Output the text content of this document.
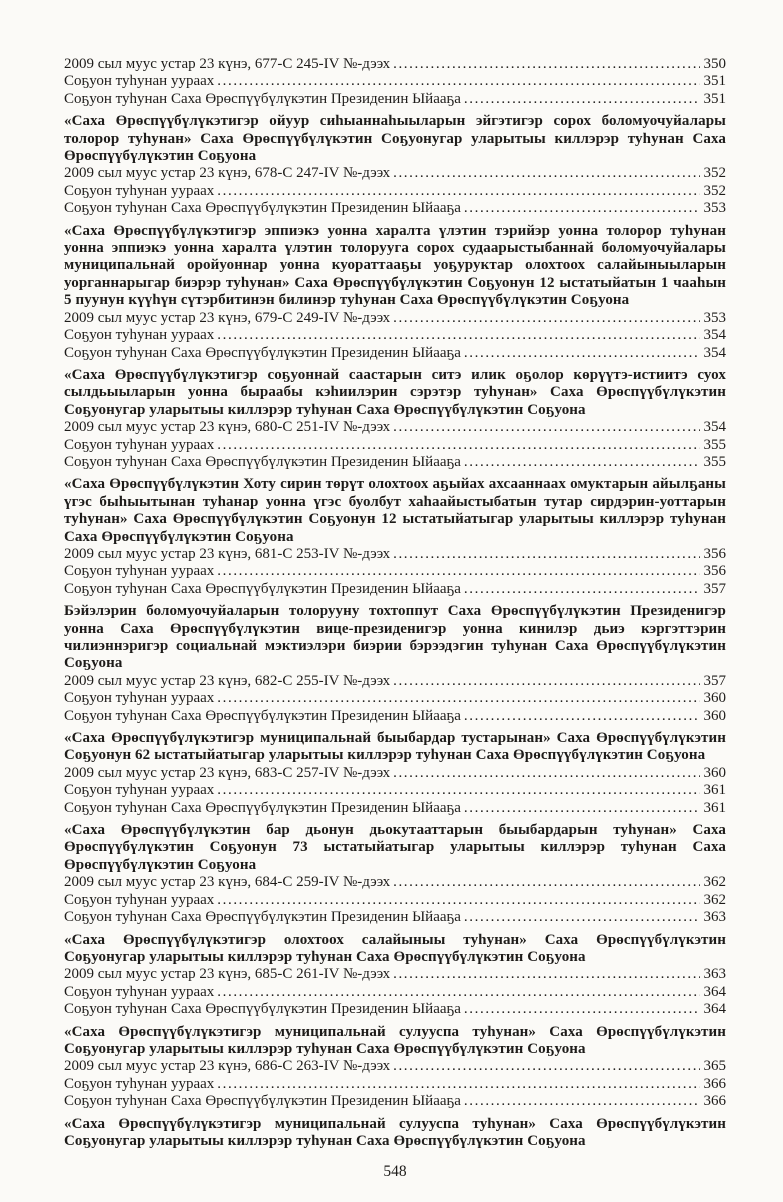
2009 сыл муус устар 23 күнэ, 677-С 245-IV №-дээх .....	350
Соҕуон туһунан уураах .....	351
Соҕуон туһунан Саха Өрөспүүбүлүкэтин Президенин Ыйааҕа .....	351
«Саха Өрөспүүбүлүкэтигэр ойуур сиһыаннаһыыларын эйгэтигэр сорох боломуочуйалары толорор туһунан» Саха Өрөспүүбүлүкэтин Соҕуонугар уларытыы киллэрэр туһунан Саха Өрөспүүбүлүкэтин Соҕуона
2009 сыл муус устар 23 күнэ, 678-С 247-IV №-дээх .....	352
Соҕуон туһунан уураах .....	352
Соҕуон туһунан Саха Өрөспүүбүлүкэтин Президенин Ыйааҕа .....	353
«Саха Өрөспүүбүлүкэтигэр эппиэкэ уонна харалта үлэтин тэрийэр уонна толорор туһунан уонна эппиэкэ уонна харалта үлэтин толорууга сорох судаарыстыбаннай боломуочуйалары муниципальнай оройуоннар уонна куораттааҕы уоҕуруктар олохтоох салайыныыларын уорганнарыгар биэрэр туһунан» Саха Өрөспүүбүлүкэтин Соҕуонун 12 ыстатыйатын 1 чааһын 5 пуунун күүһүн сүтэрбитинэн билинэр туһунан Саха Өрөспүүбүлүкэтин Соҕуона
2009 сыл муус устар 23 күнэ, 679-С 249-IV №-дээх .....	353
Соҕуон туһунан уураах .....	354
Соҕуон туһунан Саха Өрөспүүбүлүкэтин Президенин Ыйааҕа .....	354
«Саха Өрөспүүбүлүкэтигэр соҕуоннай саастарын ситэ илик оҕолор көрүүтэ-истиитэ суох сылдьыыларын уонна быраабы кэһиилэрин сэрэтэр туһунан» Саха Өрөспүүбүлүкэтин Соҕуонугар уларытыы киллэрэр туһунан Саха Өрөспүүбүлүкэтин Соҕуона
2009 сыл муус устар 23 күнэ, 680-С 251-IV №-дээх .....	354
Соҕуон туһунан уураах .....	355
Соҕуон туһунан Саха Өрөспүүбүлүкэтин Президенин Ыйааҕа .....	355
«Саха Өрөспүүбүлүкэтин Хоту сирин төрүт олохтоох аҕыйах ахсааннаах омуктарын айылҕаны үгэс быһыытынан туһанар уонна үгэс буолбут хаһаайыстыбатын тутар сирдэрин-уоттарын туһунан» Саха Өрөспүүбүлүкэтин Соҕуонун 12 ыстатыйатыгар уларытыы киллэрэр туһунан Саха Өрөспүүбүлүкэтин Соҕуона
2009 сыл муус устар 23 күнэ, 681-С 253-IV №-дээх .....	356
Соҕуон туһунан уураах .....	356
Соҕуон туһунан Саха Өрөспүүбүлүкэтин Президенин Ыйааҕа .....	357
Бэйэлэрин боломуочуйаларын толорууну тохтоппут Саха Өрөспүүбүлүкэтин Президенигэр уонна Саха Өрөспүүбүлүкэтин вице-президенигэр уонна кинилэр дьиэ кэргэттэрин чилиэннэригэр социальнай мэктиэлэри биэрии бэрээдэгин туһунан Саха Өрөспүүбүлүкэтин Соҕуона
2009 сыл муус устар 23 күнэ, 682-С 255-IV №-дээх .....	357
Соҕуон туһунан уураах .....	360
Соҕуон туһунан Саха Өрөспүүбүлүкэтин Президенин Ыйааҕа .....	360
«Саха Өрөспүүбүлүкэтигэр муниципальнай быыбардар тустарынан» Саха Өрөспүүбүлүкэтин Соҕуонун 62 ыстатыйатыгар уларытыы киллэрэр туһунан Саха Өрөспүүбүлүкэтин Соҕуона
2009 сыл муус устар 23 күнэ, 683-С 257-IV №-дээх .....	360
Соҕуон туһунан уураах .....	361
Соҕуон туһунан Саха Өрөспүүбүлүкэтин Президенин Ыйааҕа .....	361
«Саха Өрөспүүбүлүкэтин бар дьонун дьокутааттарын быыбардарын туһунан» Саха Өрөспүүбүлүкэтин Соҕуонун 73 ыстатыйатыгар уларытыы киллэрэр туһунан Саха Өрөспүүбүлүкэтин Соҕуона
2009 сыл муус устар 23 күнэ, 684-С 259-IV №-дээх .....	362
Соҕуон туһунан уураах .....	362
Соҕуон туһунан Саха Өрөспүүбүлүкэтин Президенин Ыйааҕа .....	363
«Саха Өрөспүүбүлүкэтигэр олохтоох салайыныы туһунан» Саха Өрөспүүбүлүкэтин Соҕуонугар уларытыы киллэрэр туһунан Саха Өрөспүүбүлүкэтин Соҕуона
2009 сыл муус устар 23 күнэ, 685-С 261-IV №-дээх .....	363
Соҕуон туһунан уураах .....	364
Соҕуон туһунан Саха Өрөспүүбүлүкэтин Президенин Ыйааҕа .....	364
«Саха Өрөспүүбүлүкэтигэр муниципальнай сулууспа туһунан» Саха Өрөспүүбүлүкэтин Соҕуонугар уларытыы киллэрэр туһунан Саха Өрөспүүбүлүкэтин Соҕуона
2009 сыл муус устар 23 күнэ, 686-С 263-IV №-дээх .....	365
Соҕуон туһунан уураах .....	366
Соҕуон туһунан Саха Өрөспүүбүлүкэтин Президенин Ыйааҕа .....	366
«Саха Өрөспүүбүлүкэтигэр муниципальнай сулууспа туһунан» Саха Өрөспүүбүлүкэтин Соҕуонугар уларытыы киллэрэр туһунан Саха Өрөспүүбүлүкэтин Соҕуона
548
